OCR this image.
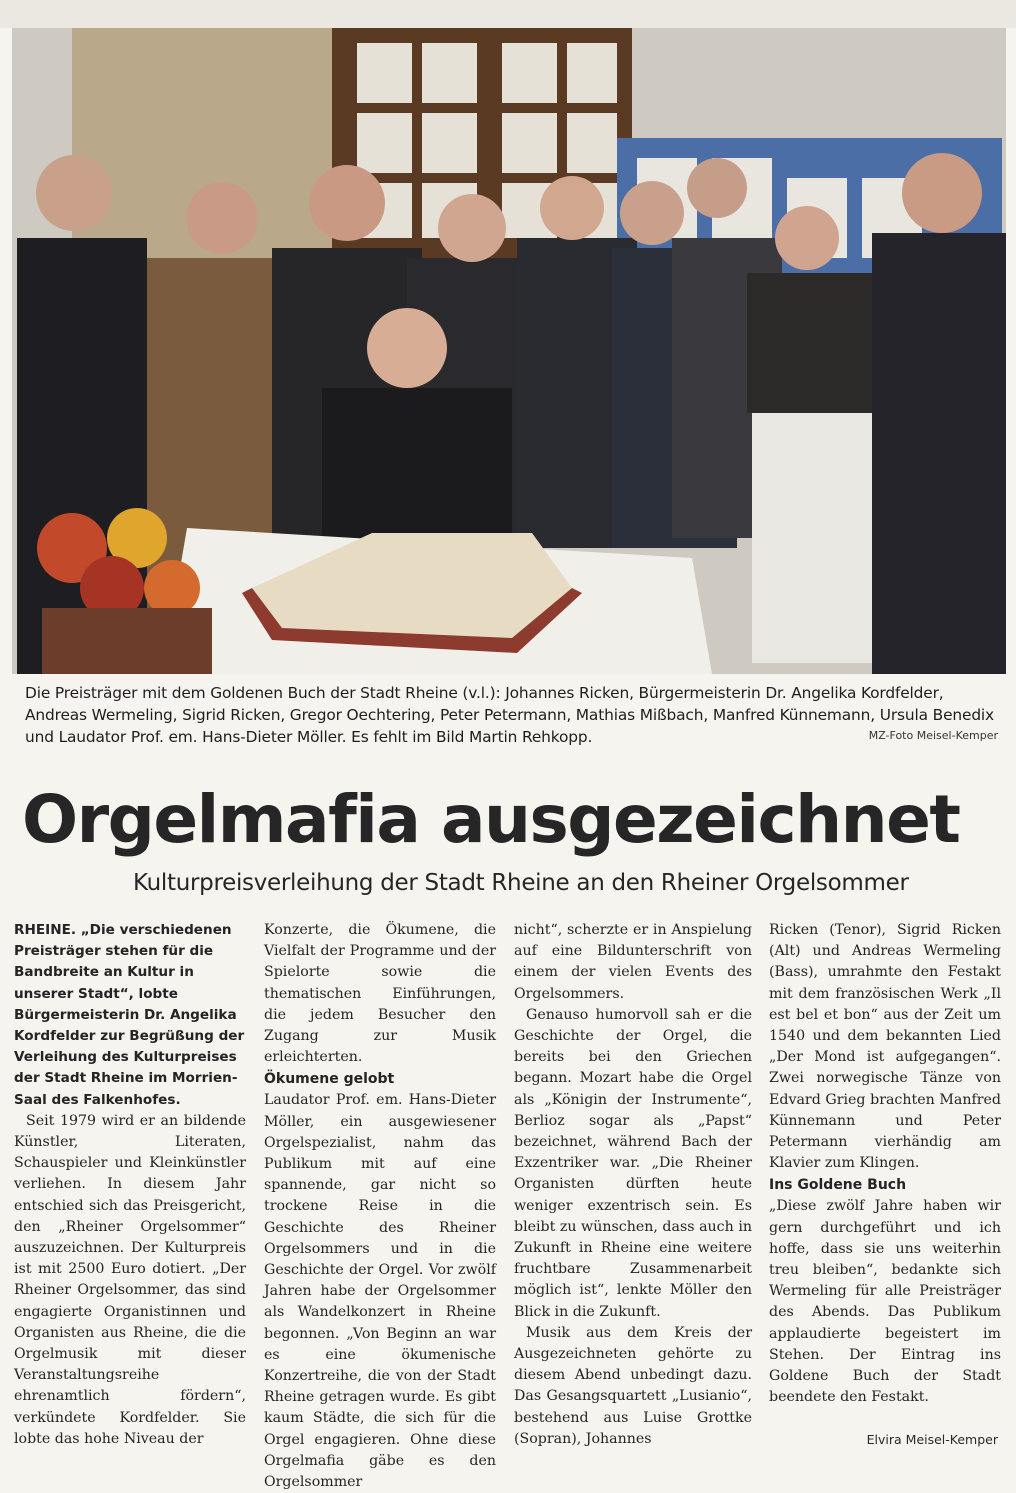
Die Preisträger mit dem Goldenen Buch der Stadt Rheine (v.l.): Johannes Ricken, Bürgermeisterin Dr. Angelika Kordfelder, Andreas Wermeling, Sigrid Ricken, Gregor Oechtering, Peter Petermann, Mathias Mißbach, Manfred Künnemann, Ursula Benedix und Laudator Prof. em. Hans-Dieter Möller. Es fehlt im Bild Martin Rehkopp.	MZ-Foto Meisel-Kemper
Orgelmafia ausgezeichnet
Kulturpreisverleihung der Stadt Rheine an den Rheiner Orgelsommer

RHEINE. „Die verschiedenen Preisträger stehen für die Bandbreite an Kultur in unserer Stadt“, lobte Bürgermeisterin Dr. Angelika Kordfelder zur Begrüßung der Verleihung des Kulturpreises der Stadt Rheine im Morrien-Saal des Falkenhofes.

Seit 1979 wird er an bildende Künstler, Literaten, Schauspieler und Kleinkünstler verliehen. In diesem Jahr entschied sich das Preisgericht, den „Rheiner Orgelsommer“ auszuzeichnen. Der Kulturpreis ist mit 2500 Euro dotiert. „Der Rheiner Orgelsommer, das sind engagierte Organistinnen und Organisten aus Rheine, die die Orgelmusik mit dieser Veranstaltungsreihe ehrenamtlich fördern“, verkündete Kordfelder. Sie lobte das hohe Niveau der

Konzerte, die Ökumene, die Vielfalt der Programme und der Spielorte sowie die thematischen Einführungen, die jedem Besucher den Zugang zur Musik erleichterten.

Ökumene gelobt

Laudator Prof. em. Hans-Dieter Möller, ein ausgewiesener Orgelspezialist, nahm das Publikum mit auf eine spannende, gar nicht so trockene Reise in die Geschichte des Rheiner Orgelsommers und in die Geschichte der Orgel. Vor zwölf Jahren habe der Orgelsommer als Wandelkonzert in Rheine begonnen. „Von Beginn an war es eine ökumenische Konzertreihe, die von der Stadt Rheine getragen wurde. Es gibt kaum Städte, die sich für die Orgel engagieren. Ohne diese Orgelmafia gäbe es den Orgelsommer

nicht“, scherzte er in Anspielung auf eine Bildunterschrift von einem der vielen Events des Orgelsommers.

Genauso humorvoll sah er die Geschichte der Orgel, die bereits bei den Griechen begann. Mozart habe die Orgel als „Königin der Instrumente“, Berlioz sogar als „Papst“ bezeichnet, während Bach der Exzentriker war. „Die Rheiner Organisten dürften heute weniger exzentrisch sein. Es bleibt zu wünschen, dass auch in Zukunft in Rheine eine weitere fruchtbare Zusammenarbeit möglich ist“, lenkte Möller den Blick in die Zukunft.

Musik aus dem Kreis der Ausgezeichneten gehörte zu diesem Abend unbedingt dazu. Das Gesangsquartett „Lusianio“, bestehend aus Luise Grottke (Sopran), Johannes

Ricken (Tenor), Sigrid Ricken (Alt) und Andreas Wermeling (Bass), umrahmte den Festakt mit dem französischen Werk „Il est bel et bon“ aus der Zeit um 1540 und dem bekannten Lied „Der Mond ist aufgegangen“. Zwei norwegische Tänze von Edvard Grieg brachten Manfred Künnemann und Peter Petermann vierhändig am Klavier zum Klingen.

Ins Goldene Buch

„Diese zwölf Jahre haben wir gern durchgeführt und ich hoffe, dass sie uns weiterhin treu bleiben“, bedankte sich Wermeling für alle Preisträger des Abends. Das Publikum applaudierte begeistert im Stehen. Der Eintrag ins Goldene Buch der Stadt beendete den Festakt.

Elvira Meisel-Kemper
